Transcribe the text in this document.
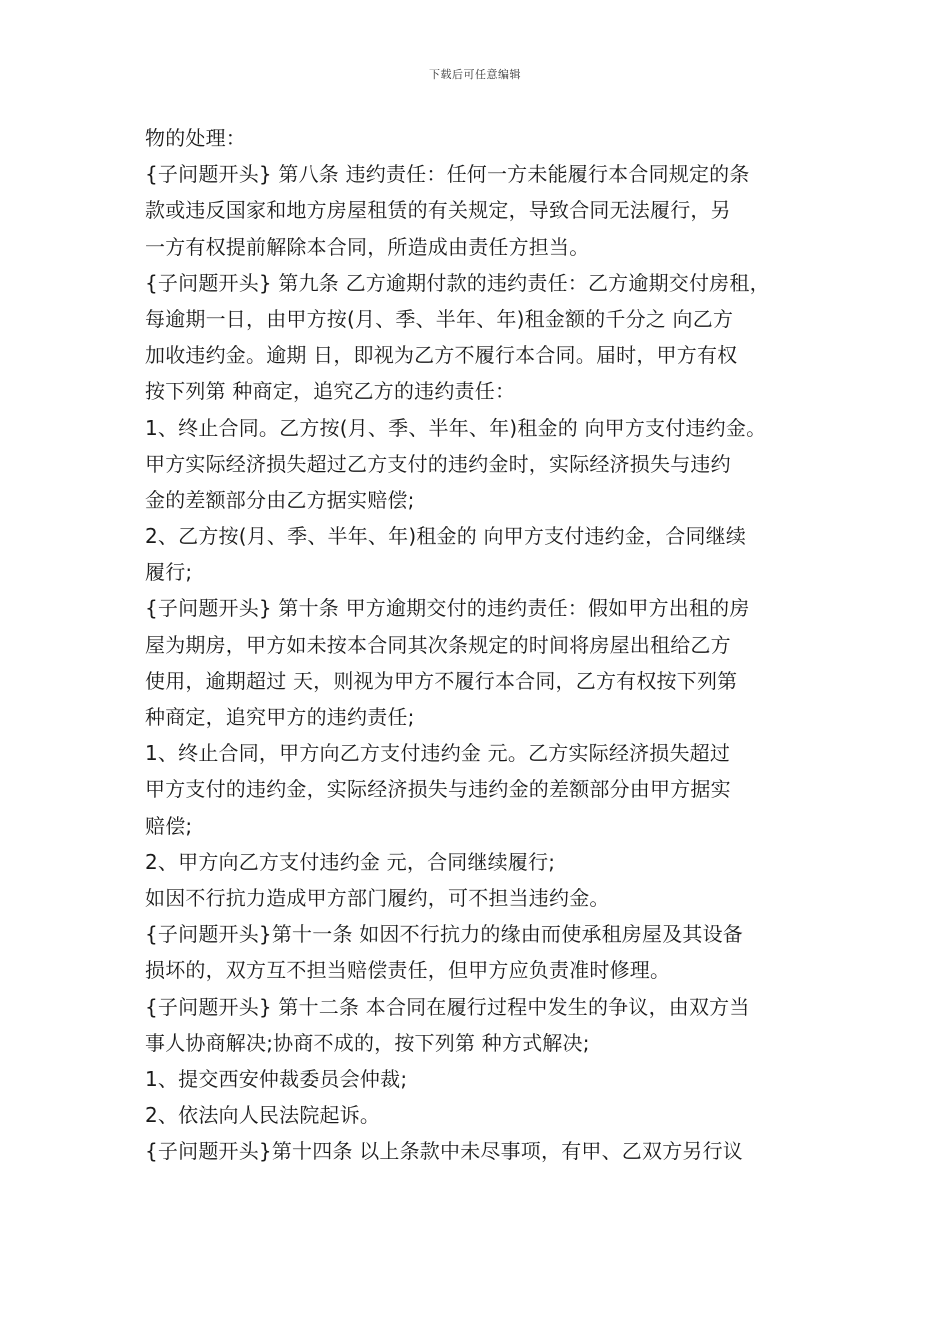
下载后可任意编辑
物的处理：
{子问题开头} 第八条 违约责任：任何一方未能履行本合同规定的条
款或违反国家和地方房屋租赁的有关规定，导致合同无法履行，另
一方有权提前解除本合同，所造成由责任方担当。
{子问题开头} 第九条 乙方逾期付款的违约责任：乙方逾期交付房租，
每逾期一日，由甲方按(月、季、半年、年)租金额的千分之 向乙方
加收违约金。逾期 日，即视为乙方不履行本合同。届时，甲方有权
按下列第 种商定，追究乙方的违约责任：
1、终止合同。乙方按(月、季、半年、年)租金的 向甲方支付违约金。
甲方实际经济损失超过乙方支付的违约金时，实际经济损失与违约
金的差额部分由乙方据实赔偿;
2、乙方按(月、季、半年、年)租金的 向甲方支付违约金，合同继续
履行;
{子问题开头} 第十条 甲方逾期交付的违约责任：假如甲方出租的房
屋为期房，甲方如未按本合同其次条规定的时间将房屋出租给乙方
使用，逾期超过 天，则视为甲方不履行本合同，乙方有权按下列第
种商定，追究甲方的违约责任;
1、终止合同，甲方向乙方支付违约金 元。乙方实际经济损失超过
甲方支付的违约金，实际经济损失与违约金的差额部分由甲方据实
赔偿;
2、甲方向乙方支付违约金 元，合同继续履行;
如因不行抗力造成甲方部门履约，可不担当违约金。
{子问题开头}第十一条 如因不行抗力的缘由而使承租房屋及其设备
损坏的，双方互不担当赔偿责任，但甲方应负责准时修理。
{子问题开头} 第十二条 本合同在履行过程中发生的争议，由双方当
事人协商解决;协商不成的，按下列第 种方式解决;
1、提交西安仲裁委员会仲裁;
2、依法向人民法院起诉。
{子问题开头}第十四条 以上条款中未尽事项，有甲、乙双方另行议
